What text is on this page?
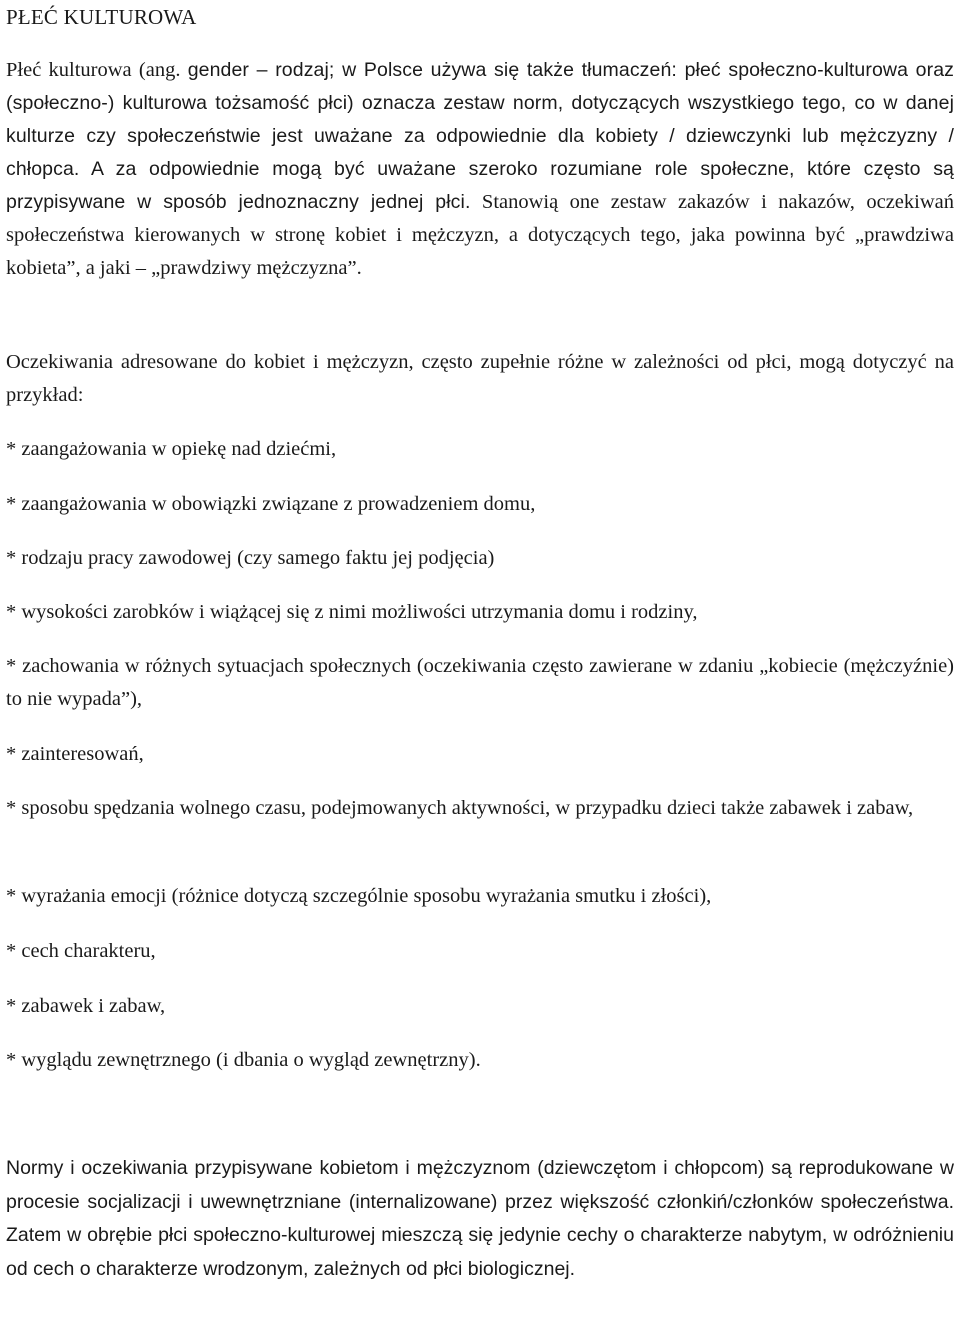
PŁEĆ KULTUROWA

Płeć kulturowa (ang. gender – rodzaj; w Polsce używa się także tłumaczeń: płeć społeczno-kulturowa oraz (społeczno-) kulturowa tożsamość płci) oznacza zestaw norm, dotyczących wszystkiego tego, co w danej kulturze czy społeczeństwie jest uważane za odpowiednie dla kobiety / dziewczynki lub mężczyzny / chłopca. A za odpowiednie mogą być uważane szeroko rozumiane role społeczne, które często są przypisywane w sposób jednoznaczny jednej płci. Stanowią one zestaw zakazów i nakazów, oczekiwań społeczeństwa kierowanych w stronę kobiet i mężczyzn, a dotyczących tego, jaka powinna być „prawdziwa kobieta”, a jaki – „prawdziwy mężczyzna”.

Oczekiwania adresowane do kobiet i mężczyzn, często zupełnie różne w zależności od płci, mogą dotyczyć na przykład:

* zaangażowania w opiekę nad dziećmi,

* zaangażowania w obowiązki związane z prowadzeniem domu,

* rodzaju pracy zawodowej (czy samego faktu jej podjęcia)

* wysokości zarobków i wiążącej się z nimi możliwości utrzymania domu i rodziny,

* zachowania w różnych sytuacjach społecznych (oczekiwania często zawierane w zdaniu „kobiecie (mężczyźnie) to nie wypada”),

* zainteresowań,

* sposobu spędzania wolnego czasu, podejmowanych aktywności, w przypadku dzieci także zabawek i zabaw,

* wyrażania emocji (różnice dotyczą szczególnie sposobu wyrażania smutku i złości),

* cech charakteru,

* zabawek i zabaw,

* wyglądu zewnętrznego (i dbania o wygląd zewnętrzny).

Normy i oczekiwania przypisywane kobietom i mężczyznom (dziewczętom i chłopcom) są reprodukowane w procesie socjalizacji i uwewnętrzniane (internalizowane) przez większość członkiń/członków społeczeństwa. Zatem w obrębie płci społeczno-kulturowej mieszczą się jedynie cechy o charakterze nabytym, w odróżnieniu od cech o charakterze wrodzonym, zależnych od płci biologicznej.
